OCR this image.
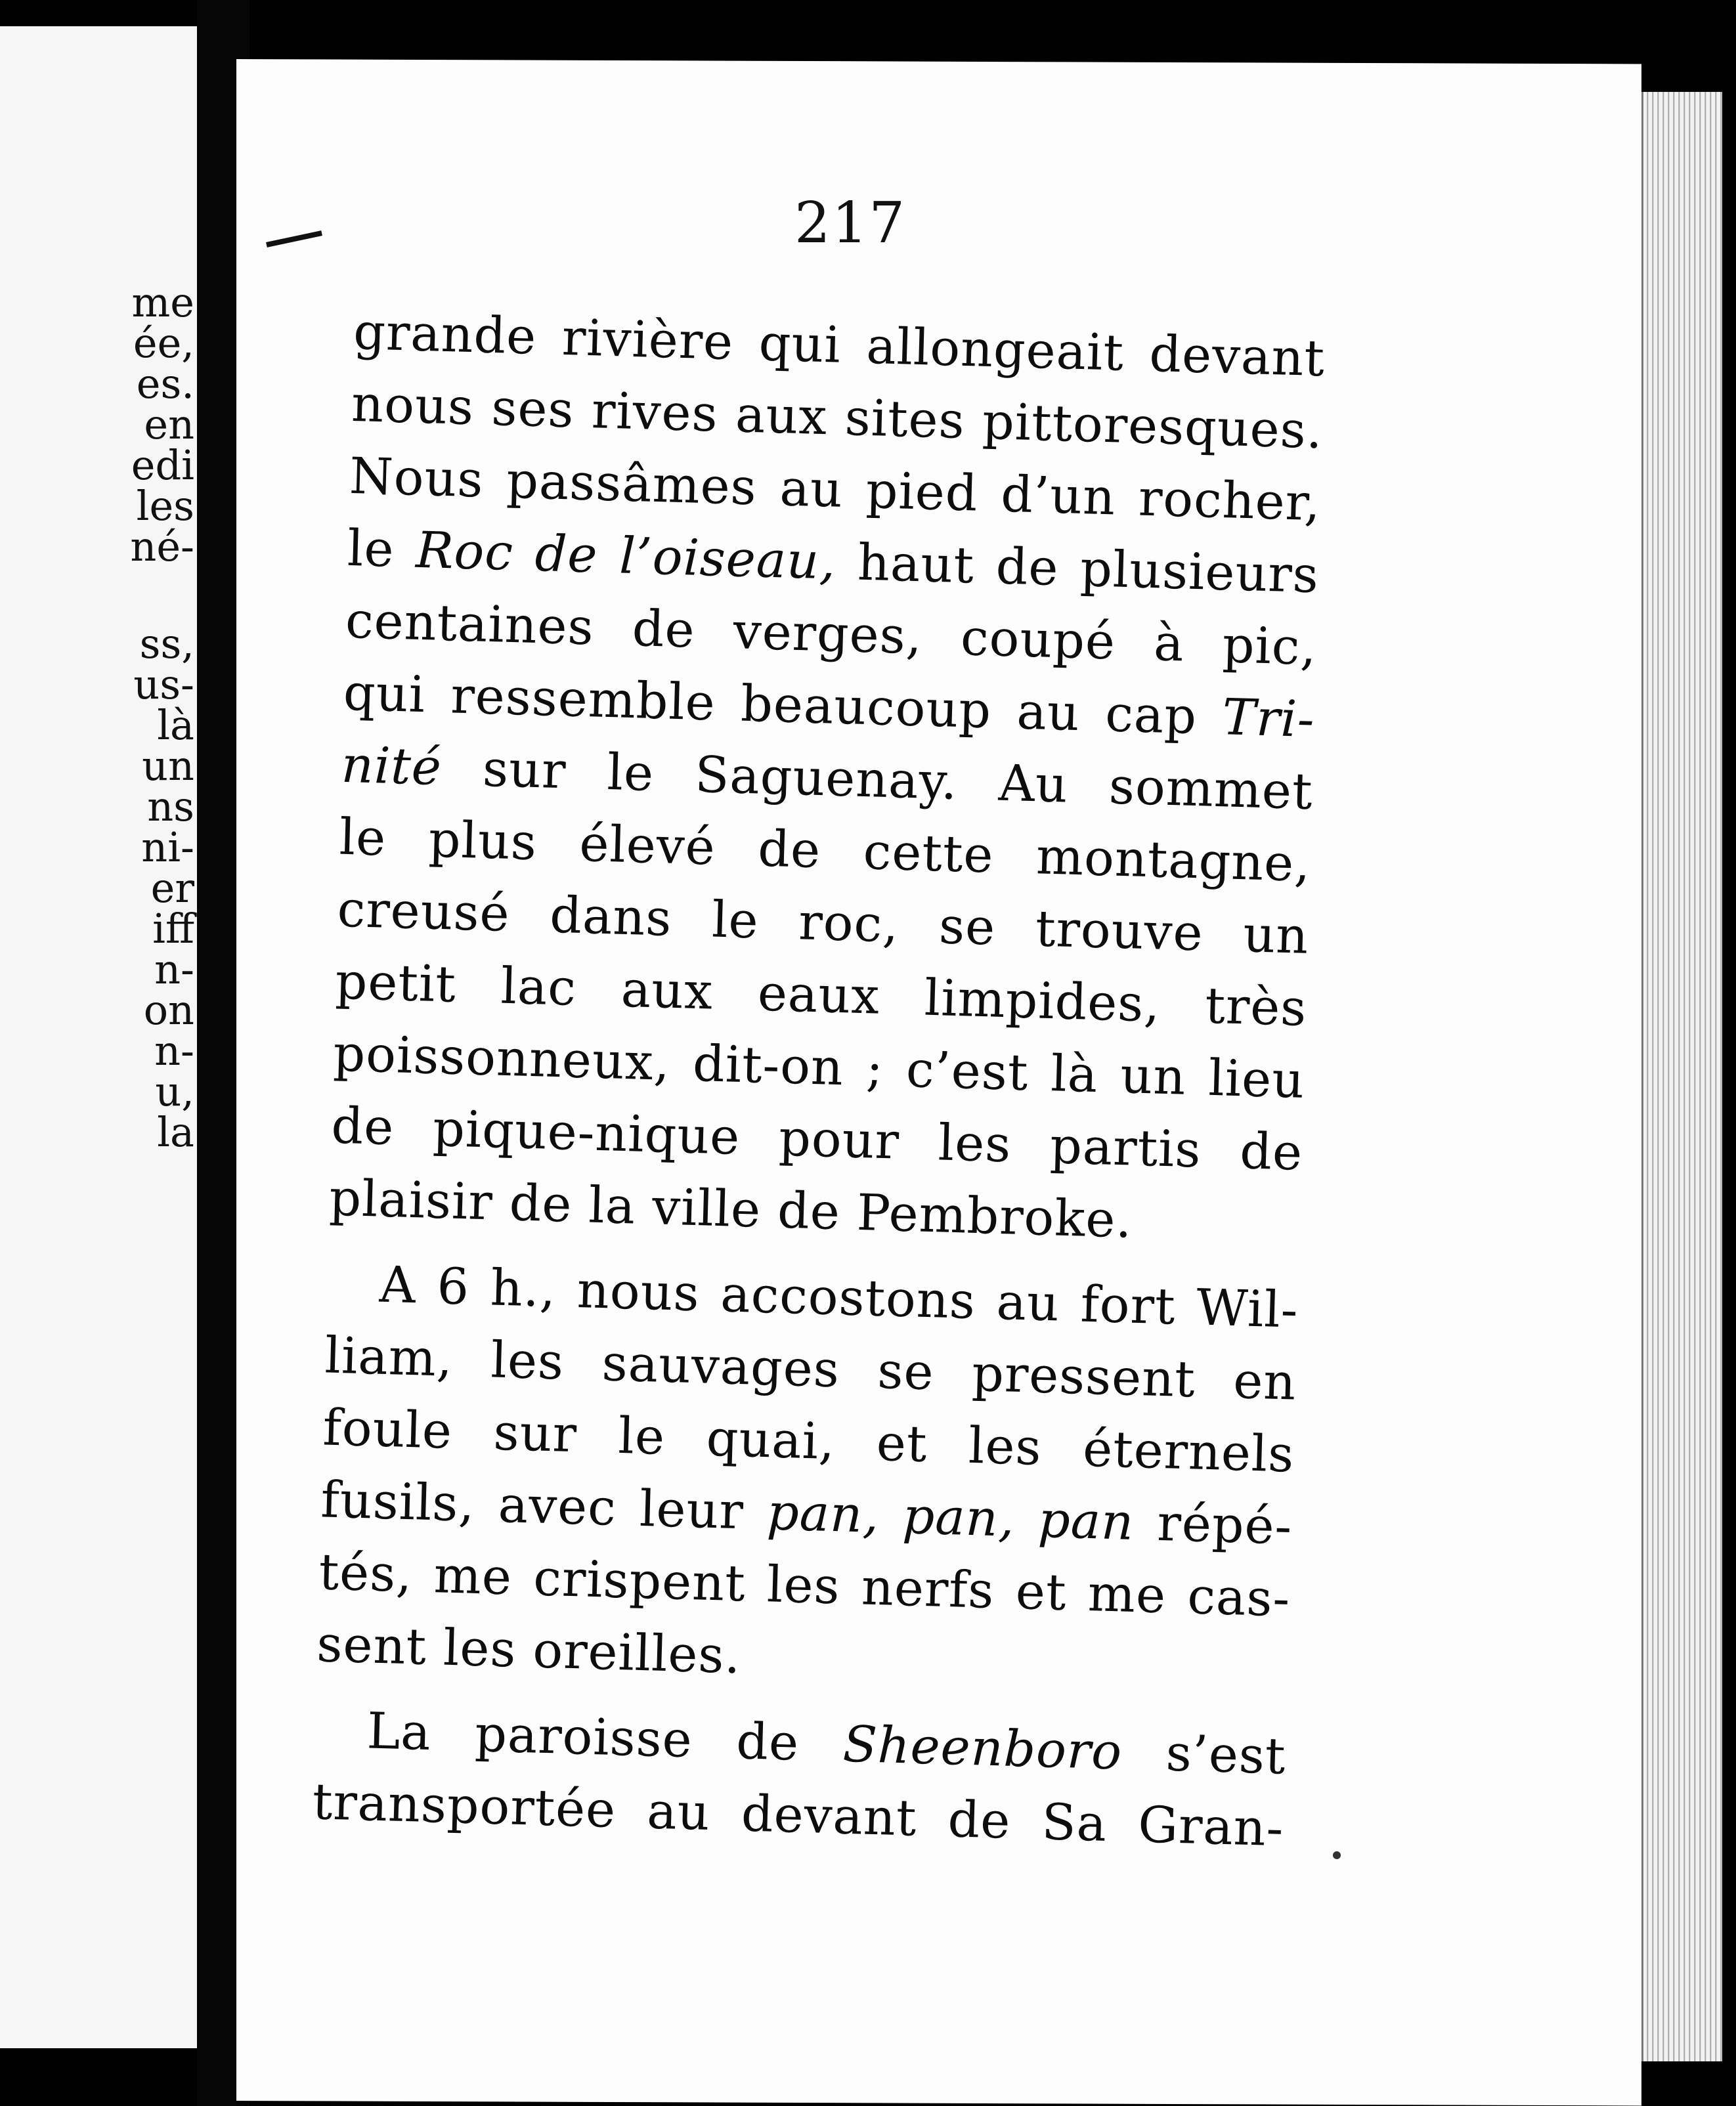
me
ée,
es.
en
edi
les
né-
ss,
us-
là
un
ns
ni-
er
iff
n-
on
n-
u,
la
217

grande rivière qui allongeait devant
nous ses rives aux sites pittoresques.
Nous passâmes au pied d’un rocher,
le Roc de l’oiseau, haut de plusieurs
centaines de verges, coupé à pic,
qui ressemble beaucoup au cap Tri-
nité sur le Saguenay. Au sommet
le plus élevé de cette montagne,
creusé dans le roc, se trouve un
petit lac aux eaux limpides, très
poissonneux, dit-on ; c’est là un lieu
de pique-nique pour les partis de
plaisir de la ville de Pembroke.

A 6 h., nous accostons au fort Wil-
liam, les sauvages se pressent en
foule sur le quai, et les éternels
fusils, avec leur pan, pan, pan répé-
tés, me crispent les nerfs et me cas-
sent les oreilles.

La paroisse de Sheenboro s’est
transportée au devant de Sa Gran-
